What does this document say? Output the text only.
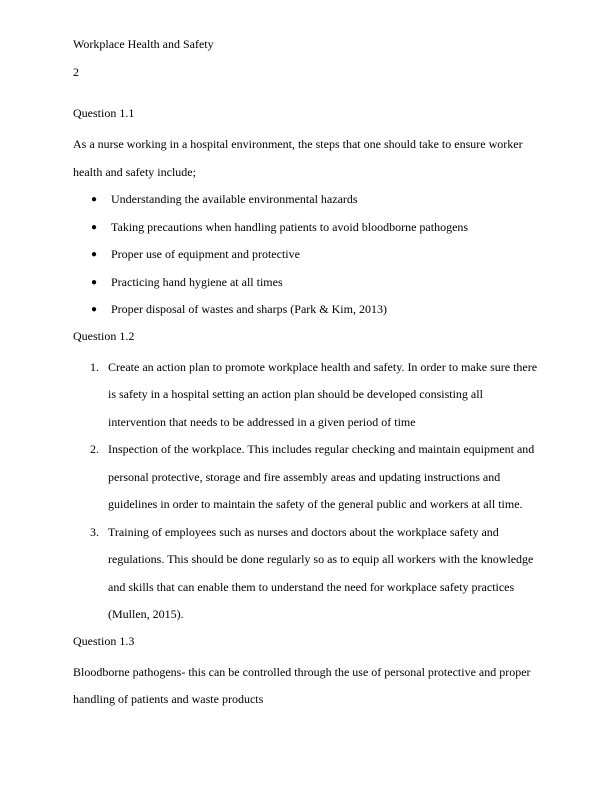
Workplace Health and Safety
2
Question 1.1

As a nurse working in a hospital environment, the steps that one should take to ensure worker health and safety include;

● Understanding the available environmental hazards
● Taking precautions when handling patients to avoid bloodborne pathogens
● Proper use of equipment and protective
● Practicing hand hygiene at all times
● Proper disposal of wastes and sharps (Park & Kim, 2013)
Question 1.2
1. Create an action plan to promote workplace health and safety. In order to make sure there is safety in a hospital setting an action plan should be developed consisting all intervention that needs to be addressed in a given period of time
2. Inspection of the workplace. This includes regular checking and maintain equipment and personal protective, storage and fire assembly areas and updating instructions and guidelines in order to maintain the safety of the general public and workers at all time.
3. Training of employees such as nurses and doctors about the workplace safety and regulations. This should be done regularly so as to equip all workers with the knowledge and skills that can enable them to understand the need for workplace safety practices (Mullen, 2015).
Question 1.3

Bloodborne pathogens- this can be controlled through the use of personal protective and proper handling of patients and waste products
